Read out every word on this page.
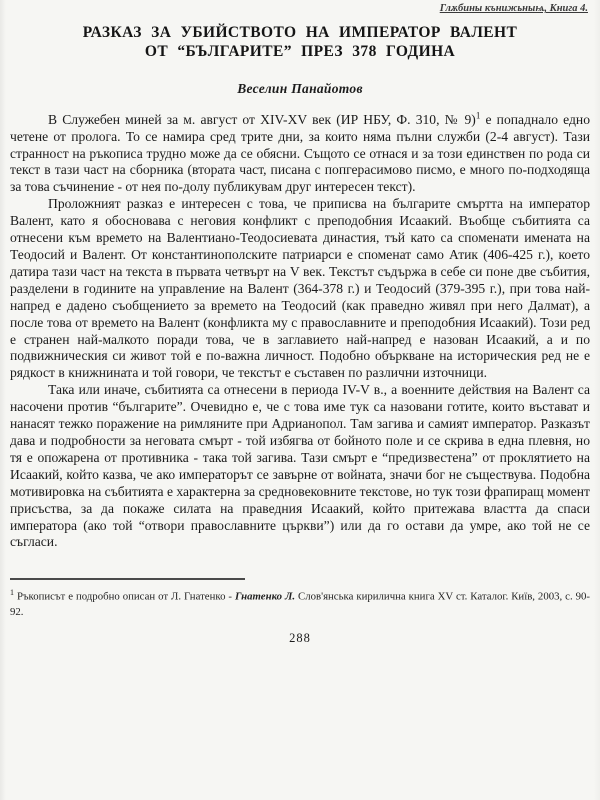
Глѫбины кънижьныѩ, Книга 4.
РАЗКАЗ ЗА УБИЙСТВОТО НА ИМПЕРАТОР ВАЛЕНТ
ОТ “БЪЛГАРИТЕ” ПРЕЗ 378 ГОДИНА
Веселин Панайотов

В Служебен миней за м. август от XIV-XV век (ИР НБУ, Ф. 310, № 9)$^1$ е попаднало едно четене от пролога. То се намира сред трите дни, за които няма пълни служби (2-4 август). Тази странност на ръкописа трудно може да се обясни. Същото се отнася и за този единствен по рода си текст в тази част на сборника (втората част, писана с попгерасимово писмо, е много по-подходяща за това съчинение - от нея по-долу публикувам друг интересен текст).

Проложният разказ е интересен с това, че приписва на българите смъртта на император Валент, като я обосновава с неговия конфликт с преподобния Исаакий. Въобще събитията са отнесени към времето на Валентиано-Теодосиевата династия, тъй като са споменати имената на Теодосий и Валент. От константинополските патриарси е споменат само Атик (406-425 г.), което датира тази част на текста в първата четвърт на V век. Текстът съдържа в себе си поне две събития, разделени в годините на управление на Валент (364-378 г.) и Теодосий (379-395 г.), при това най-напред е дадено съобщението за времето на Теодосий (как праведно живял при него Далмат), а после това от времето на Валент (конфликта му с православните и преподобния Исаакий). Този ред е странен най-малкото поради това, че в заглавието най-напред е назован Исаакий, а и по подвижническия си живот той е по-важна личност. Подобно объркване на историческия ред не е рядкост в книжнината и той говори, че текстът е съставен по различни източници.

Така или иначе, събитията са отнесени в периода IV-V в., а военните действия на Валент са насочени против “българите”. Очевидно е, че с това име тук са назовани готите, които въстават и нанасят тежко поражение на римляните при Адрианопол. Там загива и самият император. Разказът дава и подробности за неговата смърт - той избягва от бойното поле и се скрива в една плевня, но тя е опожарена от противника - така той загива. Тази смърт е “предизвестена” от проклятието на Исаакий, който казва, че ако императорът се завърне от войната, значи бог не съществува. Подобна мотивировка на събитията е характерна за средновековните текстове, но тук този фрапиращ момент присъства, за да покаже силата на праведния Исаакий, който притежава властта да спаси императора (ако той “отвори православните църкви”) или да го остави да умре, ако той не се съгласи.

$^1$ Ръкописът е подробно описан от Л. Гнатенко - Гнатенко Л. Слов'янська кирилична книга XV ст. Каталог. Київ, 2003, с. 90-92.
288
